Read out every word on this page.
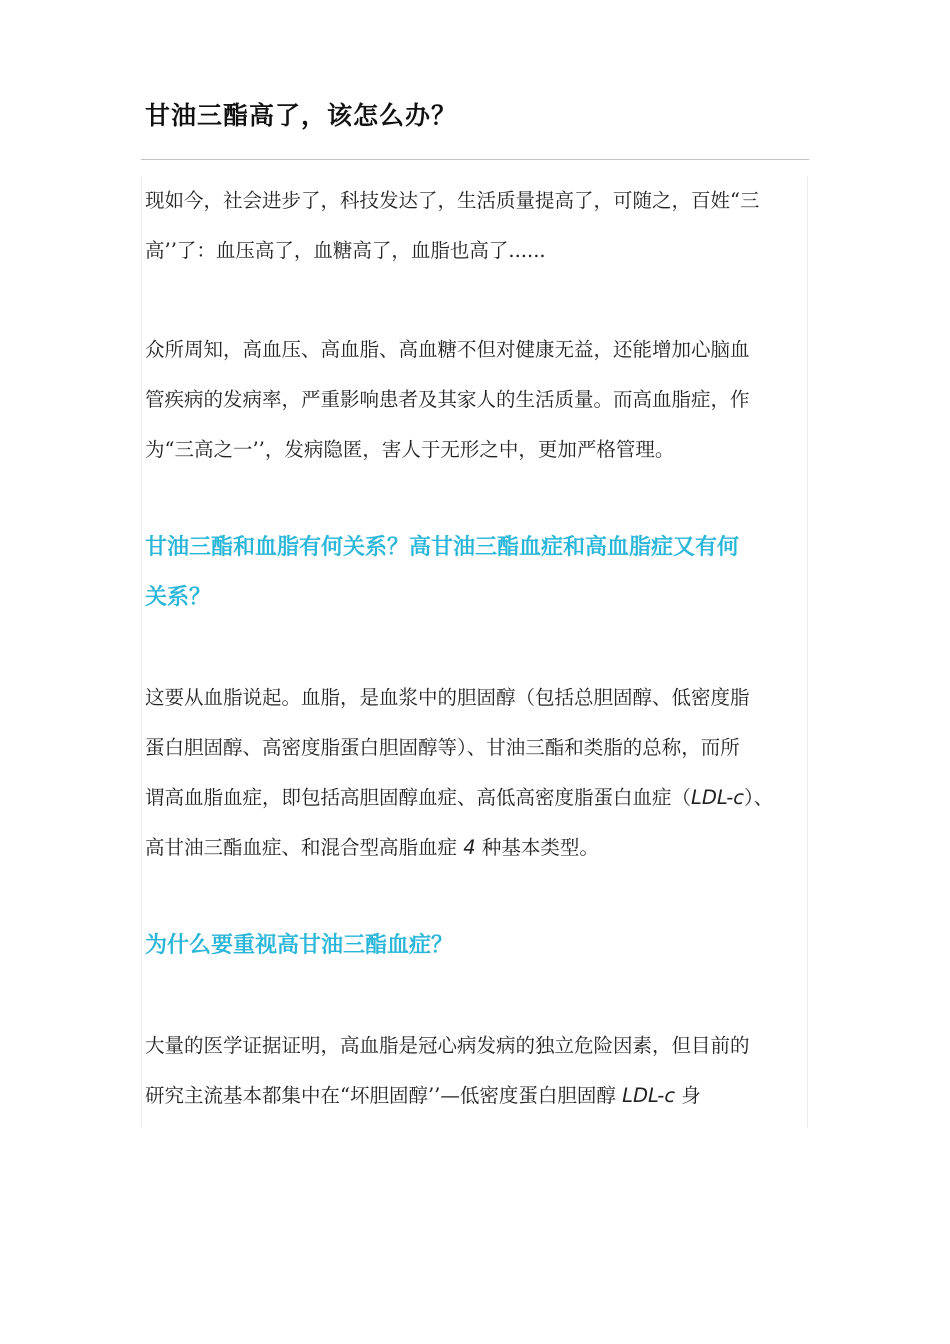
甘油三酯高了，该怎么办？

现如今，社会进步了，科技发达了，生活质量提高了，可随之，百姓“三
高’’了：血压高了，血糖高了，血脂也高了......

众所周知，高血压、高血脂、高血糖不但对健康无益，还能增加心脑血
管疾病的发病率，严重影响患者及其家人的生活质量。而高血脂症，作
为“三高之一’’，发病隐匿，害人于无形之中，更加严格管理。

甘油三酯和血脂有何关系？高甘油三酯血症和高血脂症又有何
关系？

这要从血脂说起。血脂，是血浆中的胆固醇（包括总胆固醇、低密度脂
蛋白胆固醇、高密度脂蛋白胆固醇等）、甘油三酯和类脂的总称，而所
谓高血脂血症，即包括高胆固醇血症、高低高密度脂蛋白血症（LDL-c）、
高甘油三酯血症、和混合型高脂血症 4 种基本类型。

为什么要重视高甘油三酯血症？

大量的医学证据证明，高血脂是冠心病发病的独立危险因素，但目前的
研究主流基本都集中在“坏胆固醇’’—低密度蛋白胆固醇 LDL-c 身
